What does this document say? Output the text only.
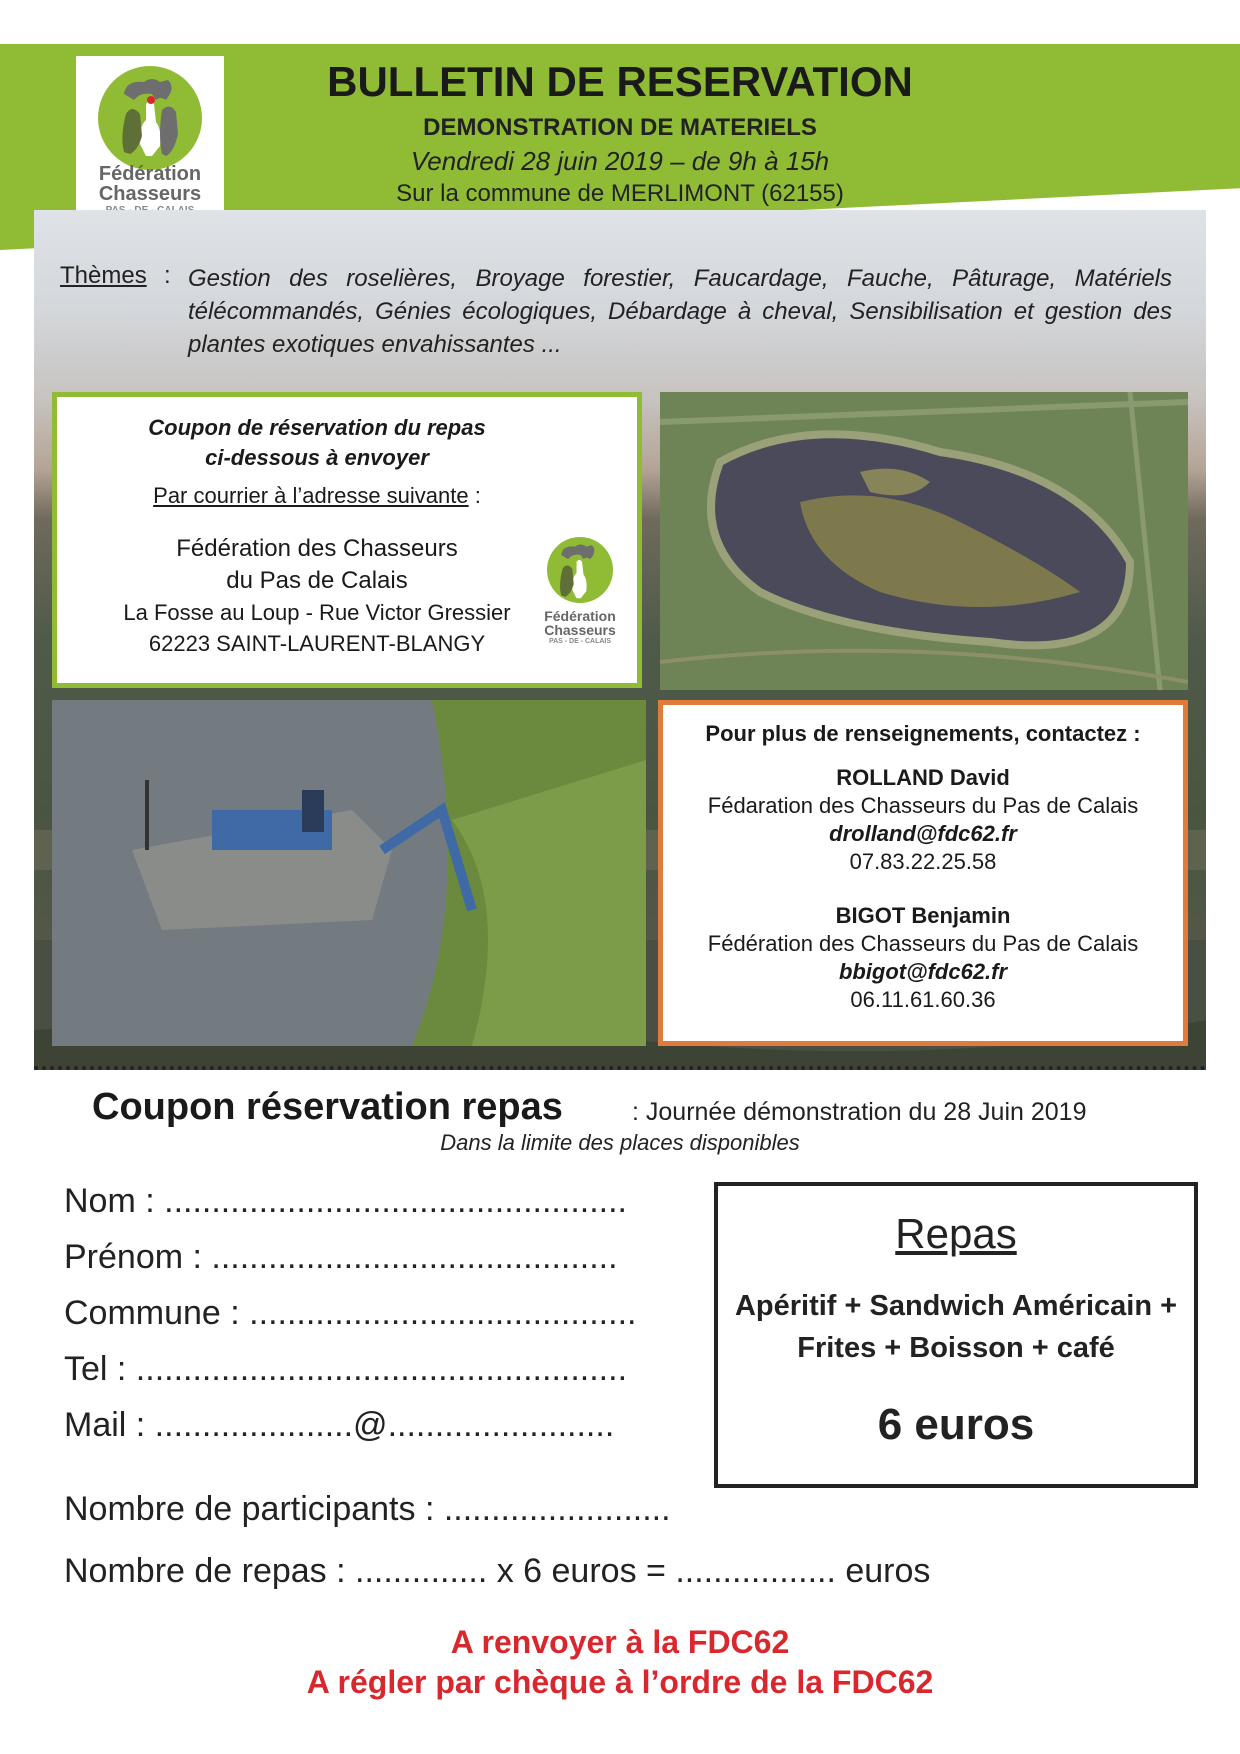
Fédération
Chasseurs
BULLETIN DE RESERVATION
DEMONSTRATION DE MATERIELS
Vendredi 28 juin 2019 – de 9h à 15h
Sur la commune de MERLIMONT (62155)
Thèmes : Gestion des roselières, Broyage forestier, Faucardage, Fauche, Pâturage, Matériels télécommandés, Génies écologiques, Débardage à cheval, Sensibilisation et gestion des plantes exotiques envahissantes ...
Coupon de réservation du repas
ci-dessous à envoyer
Par courrier à l’adresse suivante :
Fédération des Chasseurs
du Pas de Calais
La Fosse au Loup - Rue Victor Gressier
62223 SAINT-LAURENT-BLANGY
Fédération
Chasseurs
PAS - DE - CALAIS
Pour plus de renseignements, contactez :
ROLLAND David
Fédaration des Chasseurs du Pas de Calais
drolland@fdc62.fr
07.83.22.25.58
BIGOT Benjamin
Fédération des Chasseurs du Pas de Calais
bbigot@fdc62.fr
06.11.61.60.36
Coupon réservation repas	: Journée démonstration du 28 Juin 2019
Dans la limite des places disponibles
Nom : .................................................
Prénom : ...........................................
Commune : .........................................
Tel : ....................................................
Mail : .....................@........................
Nombre de participants : ........................
Nombre de repas : .............. x 6 euros = ................. euros
Repas
Apéritif + Sandwich Américain +
Frites + Boisson + café
6 euros
A renvoyer à la FDC62
A régler par chèque à l’ordre de la FDC62
